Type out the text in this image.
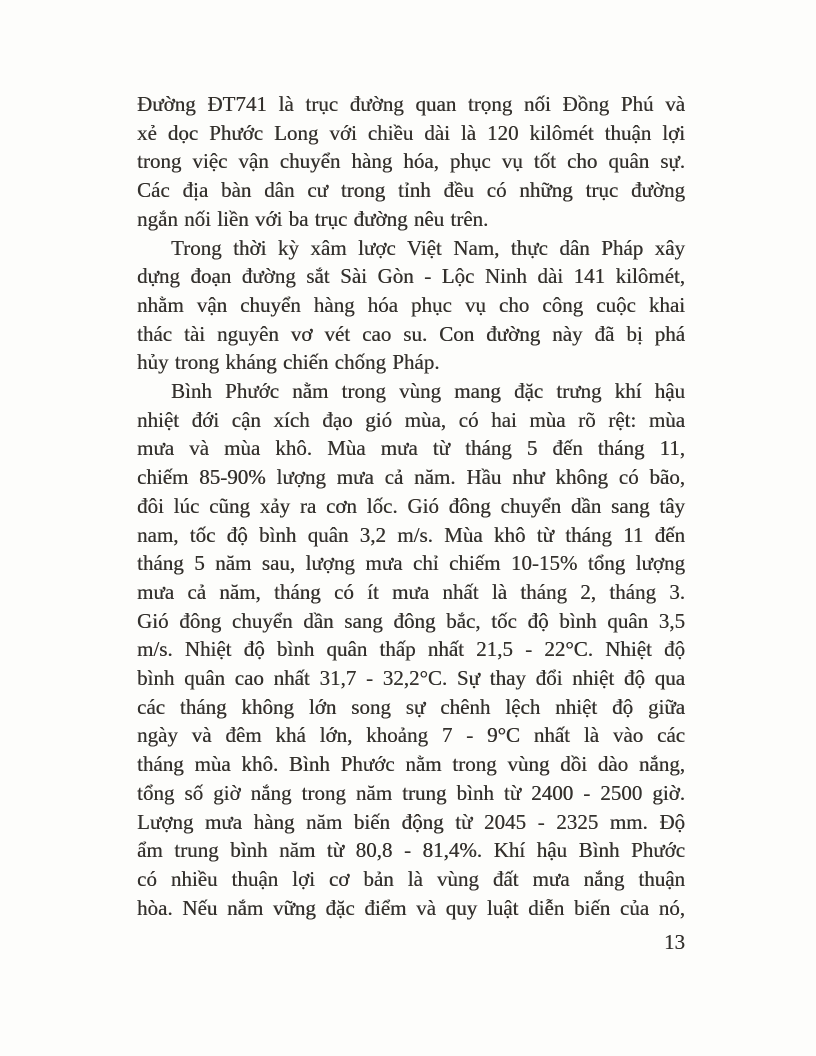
Đường ĐT741 là trục đường quan trọng nối Đồng Phú và
xẻ dọc Phước Long với chiều dài là 120 kilômét thuận lợi
trong việc vận chuyển hàng hóa, phục vụ tốt cho quân sự.
Các địa bàn dân cư trong tỉnh đều có những trục đường
ngắn nối liền với ba trục đường nêu trên.
Trong thời kỳ xâm lược Việt Nam, thực dân Pháp xây
dựng đoạn đường sắt Sài Gòn - Lộc Ninh dài 141 kilômét,
nhằm vận chuyển hàng hóa phục vụ cho công cuộc khai
thác tài nguyên vơ vét cao su. Con đường này đã bị phá
hủy trong kháng chiến chống Pháp.
Bình Phước nằm trong vùng mang đặc trưng khí hậu
nhiệt đới cận xích đạo gió mùa, có hai mùa rõ rệt: mùa
mưa và mùa khô. Mùa mưa từ tháng 5 đến tháng 11,
chiếm 85-90% lượng mưa cả năm. Hầu như không có bão,
đôi lúc cũng xảy ra cơn lốc. Gió đông chuyển dần sang tây
nam, tốc độ bình quân 3,2 m/s. Mùa khô từ tháng 11 đến
tháng 5 năm sau, lượng mưa chỉ chiếm 10-15% tổng lượng
mưa cả năm, tháng có ít mưa nhất là tháng 2, tháng 3.
Gió đông chuyển dần sang đông bắc, tốc độ bình quân 3,5
m/s. Nhiệt độ bình quân thấp nhất 21,5 - 22°C. Nhiệt độ
bình quân cao nhất 31,7 - 32,2°C. Sự thay đổi nhiệt độ qua
các tháng không lớn song sự chênh lệch nhiệt độ giữa
ngày và đêm khá lớn, khoảng 7 - 9°C nhất là vào các
tháng mùa khô. Bình Phước nằm trong vùng dồi dào nắng,
tổng số giờ nắng trong năm trung bình từ 2400 - 2500 giờ.
Lượng mưa hàng năm biến động từ 2045 - 2325 mm. Độ
ẩm trung bình năm từ 80,8 - 81,4%. Khí hậu Bình Phước
có nhiều thuận lợi cơ bản là vùng đất mưa nắng thuận
hòa. Nếu nắm vững đặc điểm và quy luật diễn biến của nó,
13
